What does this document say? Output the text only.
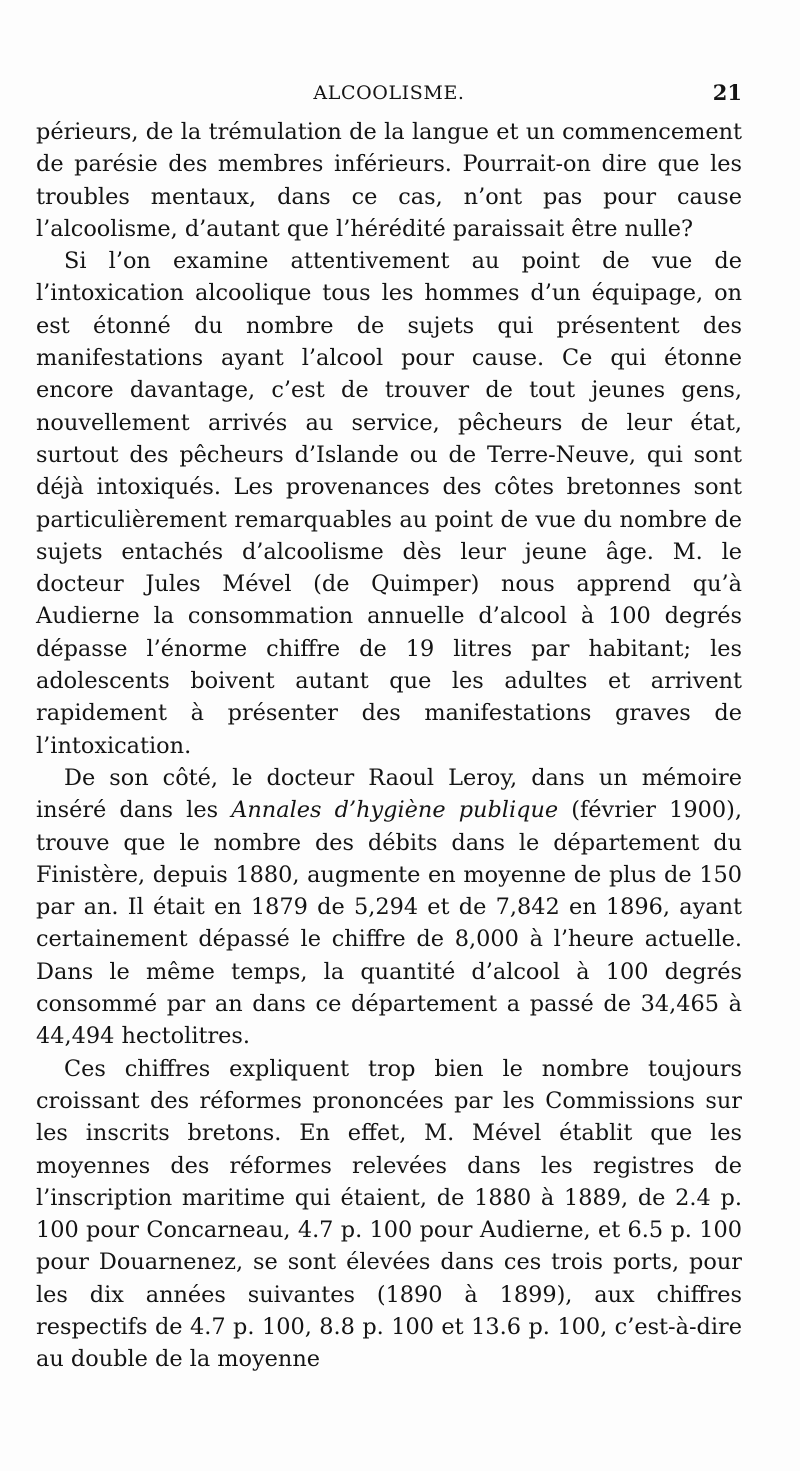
ALCOOLISME.	21

périeurs, de la trémulation de la langue et un commencement de parésie des membres inférieurs. Pourrait-on dire que les troubles mentaux, dans ce cas, n’ont pas pour cause l’alcoolisme, d’autant que l’hérédité paraissait être nulle?

Si l’on examine attentivement au point de vue de l’intoxication alcoolique tous les hommes d’un équipage, on est étonné du nombre de sujets qui présentent des manifestations ayant l’alcool pour cause. Ce qui étonne encore davantage, c’est de trouver de tout jeunes gens, nouvellement arrivés au service, pêcheurs de leur état, surtout des pêcheurs d’Islande ou de Terre-Neuve, qui sont déjà intoxiqués. Les provenances des côtes bretonnes sont particulièrement remarquables au point de vue du nombre de sujets entachés d’alcoolisme dès leur jeune âge. M. le docteur Jules Mével (de Quimper) nous apprend qu’à Audierne la consommation annuelle d’alcool à 100 degrés dépasse l’énorme chiffre de 19 litres par habitant; les adolescents boivent autant que les adultes et arrivent rapidement à présenter des manifestations graves de l’intoxication.

De son côté, le docteur Raoul Leroy, dans un mémoire inséré dans les Annales d’hygiène publique (février 1900), trouve que le nombre des débits dans le département du Finistère, depuis 1880, augmente en moyenne de plus de 150 par an. Il était en 1879 de 5,294 et de 7,842 en 1896, ayant certainement dépassé le chiffre de 8,000 à l’heure actuelle. Dans le même temps, la quantité d’alcool à 100 degrés consommé par an dans ce département a passé de 34,465 à 44,494 hectolitres.

Ces chiffres expliquent trop bien le nombre toujours croissant des réformes prononcées par les Commissions sur les inscrits bretons. En effet, M. Mével établit que les moyennes des réformes relevées dans les registres de l’inscription maritime qui étaient, de 1880 à 1889, de 2.4 p. 100 pour Concarneau, 4.7 p. 100 pour Audierne, et 6.5 p. 100 pour Douarnenez, se sont élevées dans ces trois ports, pour les dix années suivantes (1890 à 1899), aux chiffres respectifs de 4.7 p. 100, 8.8 p. 100 et 13.6 p. 100, c’est-à-dire au double de la moyenne
